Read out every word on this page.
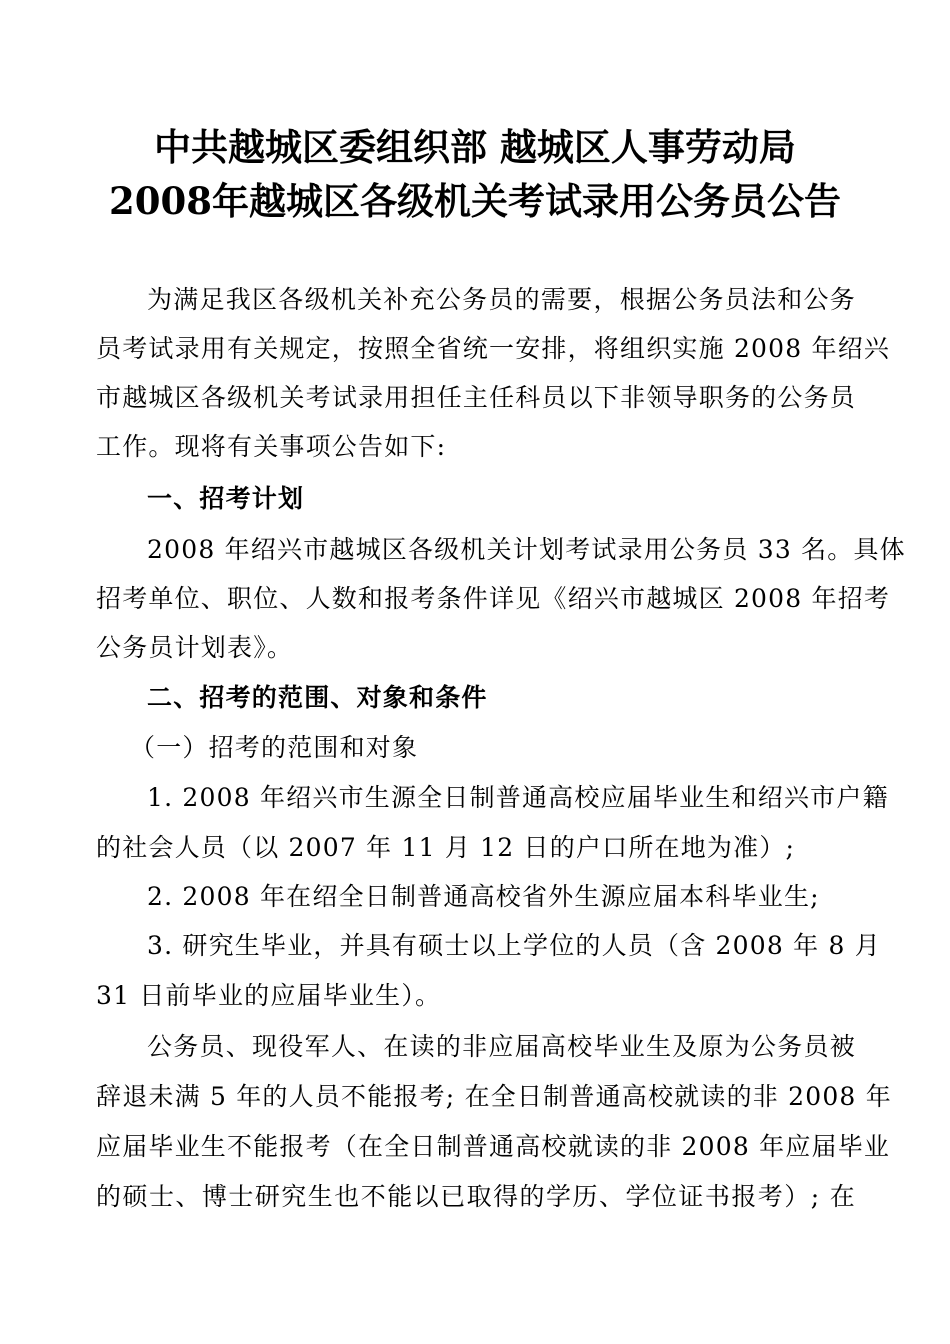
中共越城区委组织部 越城区人事劳动局
2008年越城区各级机关考试录用公务员公告
为满足我区各级机关补充公务员的需要，根据公务员法和公务
员考试录用有关规定，按照全省统一安排，将组织实施 2008 年绍兴
市越城区各级机关考试录用担任主任科员以下非领导职务的公务员
工作。现将有关事项公告如下:
一、招考计划
2008 年绍兴市越城区各级机关计划考试录用公务员 33 名。具体
招考单位、职位、人数和报考条件详见《绍兴市越城区 2008 年招考
公务员计划表》。
二、招考的范围、对象和条件
（一）招考的范围和对象
1. 2008 年绍兴市生源全日制普通高校应届毕业生和绍兴市户籍
的社会人员（以 2007 年 11 月 12 日的户口所在地为准）;
2. 2008 年在绍全日制普通高校省外生源应届本科毕业生;
3. 研究生毕业，并具有硕士以上学位的人员（含 2008 年 8 月
31 日前毕业的应届毕业生）。
公务员、现役军人、在读的非应届高校毕业生及原为公务员被
辞退未满 5 年的人员不能报考; 在全日制普通高校就读的非 2008 年
应届毕业生不能报考（在全日制普通高校就读的非 2008 年应届毕业
的硕士、博士研究生也不能以已取得的学历、学位证书报考）; 在
